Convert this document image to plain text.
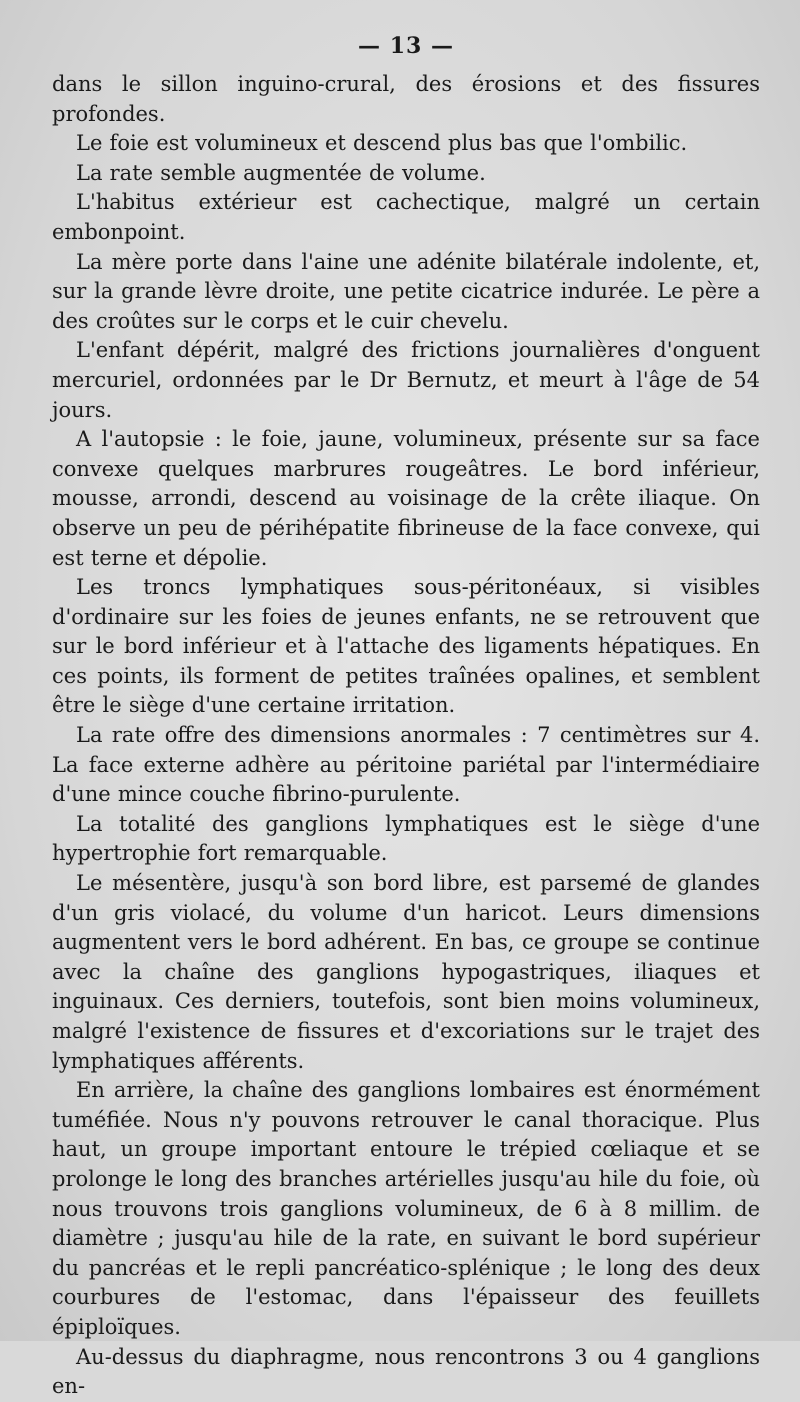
— 13 —

dans le sillon inguino-crural, des érosions et des fissures profondes.

Le foie est volumineux et descend plus bas que l'ombilic.

La rate semble augmentée de volume.

L'habitus extérieur est cachectique, malgré un certain embonpoint.

La mère porte dans l'aine une adénite bilatérale indolente, et, sur la grande lèvre droite, une petite cicatrice indurée. Le père a des croûtes sur le corps et le cuir chevelu.

L'enfant dépérit, malgré des frictions journalières d'onguent mercuriel, ordonnées par le Dr Bernutz, et meurt à l'âge de 54 jours.

A l'autopsie : le foie, jaune, volumineux, présente sur sa face convexe quelques marbrures rougeâtres. Le bord inférieur, mousse, arrondi, descend au voisinage de la crête iliaque. On observe un peu de périhépatite fibrineuse de la face convexe, qui est terne et dépolie.

Les troncs lymphatiques sous-péritonéaux, si visibles d'ordinaire sur les foies de jeunes enfants, ne se retrouvent que sur le bord inférieur et à l'attache des ligaments hépatiques. En ces points, ils forment de petites traînées opalines, et semblent être le siège d'une certaine irritation.

La rate offre des dimensions anormales : 7 centimètres sur 4. La face externe adhère au péritoine pariétal par l'intermédiaire d'une mince couche fibrino-purulente.

La totalité des ganglions lymphatiques est le siège d'une hypertrophie fort remarquable.

Le mésentère, jusqu'à son bord libre, est parsemé de glandes d'un gris violacé, du volume d'un haricot. Leurs dimensions augmentent vers le bord adhérent. En bas, ce groupe se continue avec la chaîne des ganglions hypogastriques, iliaques et inguinaux. Ces derniers, toutefois, sont bien moins volumineux, malgré l'existence de fissures et d'excoriations sur le trajet des lymphatiques afférents.

En arrière, la chaîne des ganglions lombaires est énormément tuméfiée. Nous n'y pouvons retrouver le canal thoracique. Plus haut, un groupe important entoure le trépied cœliaque et se prolonge le long des branches artérielles jusqu'au hile du foie, où nous trouvons trois ganglions volumineux, de 6 à 8 millim. de diamètre ; jusqu'au hile de la rate, en suivant le bord supérieur du pancréas et le repli pancréatico-splénique ; le long des deux courbures de l'estomac, dans l'épaisseur des feuillets épiploïques.

Au-dessus du diaphragme, nous rencontrons 3 ou 4 ganglions en-
